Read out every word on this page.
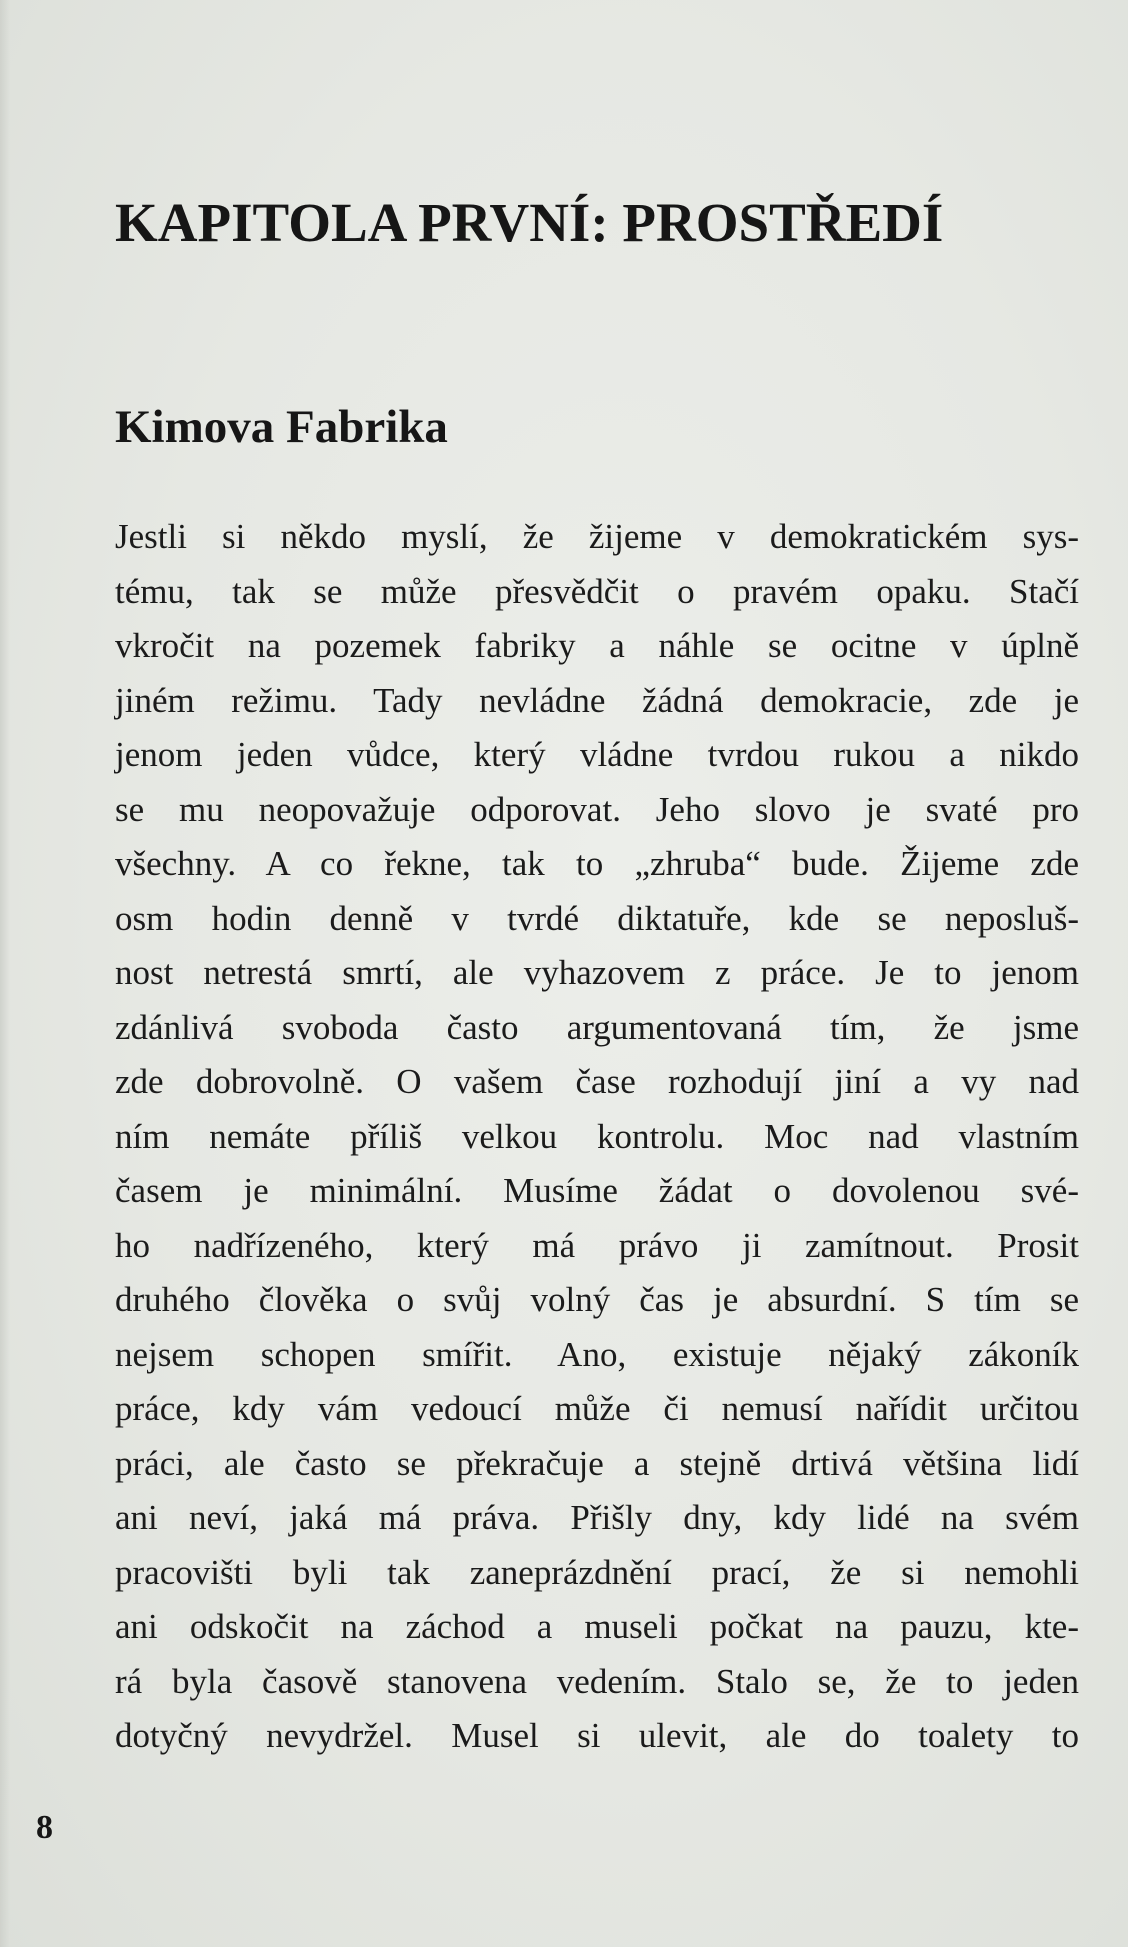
KAPITOLA PRVNÍ: PROSTŘEDÍ
Kimova Fabrika
Jestli si někdo myslí, že žijeme v demokratickém sys-
tému, tak se může přesvědčit o pravém opaku. Stačí
vkročit na pozemek fabriky a náhle se ocitne v úplně
jiném režimu. Tady nevládne žádná demokracie, zde je
jenom jeden vůdce, který vládne tvrdou rukou a nikdo
se mu neopovažuje odporovat. Jeho slovo je svaté pro
všechny. A co řekne, tak to „zhruba“ bude. Žijeme zde
osm hodin denně v tvrdé diktatuře, kde se neposluš-
nost netrestá smrtí, ale vyhazovem z práce. Je to jenom
zdánlivá svoboda často argumentovaná tím, že jsme
zde dobrovolně. O vašem čase rozhodují jiní a vy nad
ním nemáte příliš velkou kontrolu. Moc nad vlastním
časem je minimální. Musíme žádat o dovolenou své-
ho nadřízeného, který má právo ji zamítnout. Prosit
druhého člověka o svůj volný čas je absurdní. S tím se
nejsem schopen smířit. Ano, existuje nějaký zákoník
práce, kdy vám vedoucí může či nemusí nařídit určitou
práci, ale často se překračuje a stejně drtivá většina lidí
ani neví, jaká má práva. Přišly dny, kdy lidé na svém
pracovišti byli tak zaneprázdnění prací, že si nemohli
ani odskočit na záchod a museli počkat na pauzu, kte-
rá byla časově stanovena vedením. Stalo se, že to jeden
dotyčný nevydržel. Musel si ulevit, ale do toalety to

8
